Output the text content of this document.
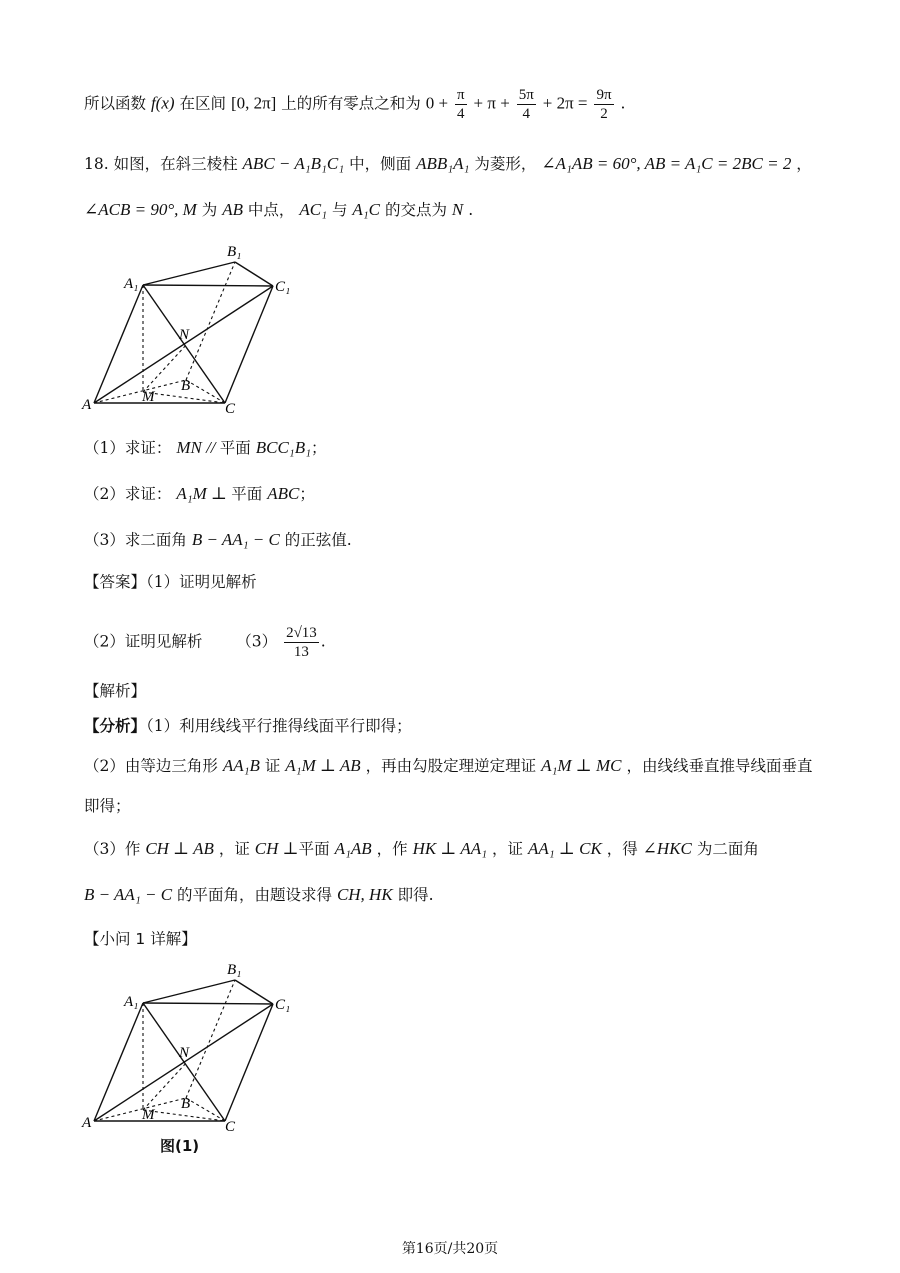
所以函数 f(x) 在区间 [0, 2π] 上的所有零点之和为 $0 + \frac{\pi}{4} + \pi + \frac{5\pi}{4} + 2\pi = \frac{9\pi}{2}$ .
18. 如图，在斜三棱柱 ABC − A₁B₁C₁ 中，侧面 ABB₁A₁ 为菱形， ∠A₁AB = 60°, AB = A₁C = 2BC = 2 ，
∠ACB = 90°, M 为 AB 中点， AC₁ 与 A₁C 的交点为 N .
A₁
B₁
C₁
N
B
A	M
C
（1）求证： MN // 平面 BCC₁B₁；
（2）求证： A₁M ⊥ 平面 ABC；
（3）求二面角 B − AA₁ − C 的正弦值.
【答案】（1）证明见解析
（2）证明见解析 $(3) \frac{2√13}{13}$ .
【解析】
【分析】（1）利用线线平行推得线面平行即得；
（2）由等边三角形 AA₁B 证 A₁M ⊥ AB ，再由勾股定理逆定理证 A₁M ⊥ MC ，由线线垂直推导线面垂直
即得；
（3）作 CH ⊥ AB ，证 CH ⊥平面 A₁AB ，作 HK ⊥ AA₁ ，证 AA₁ ⊥ CK ，得 ∠HKC 为二面角
B − AA₁ − C 的平面角，由题设求得 CH, HK 即得.
【小问 1 详解】
A₁
B₁
C₁
N
B
A	M
C
图(1)
第16页/共20页
